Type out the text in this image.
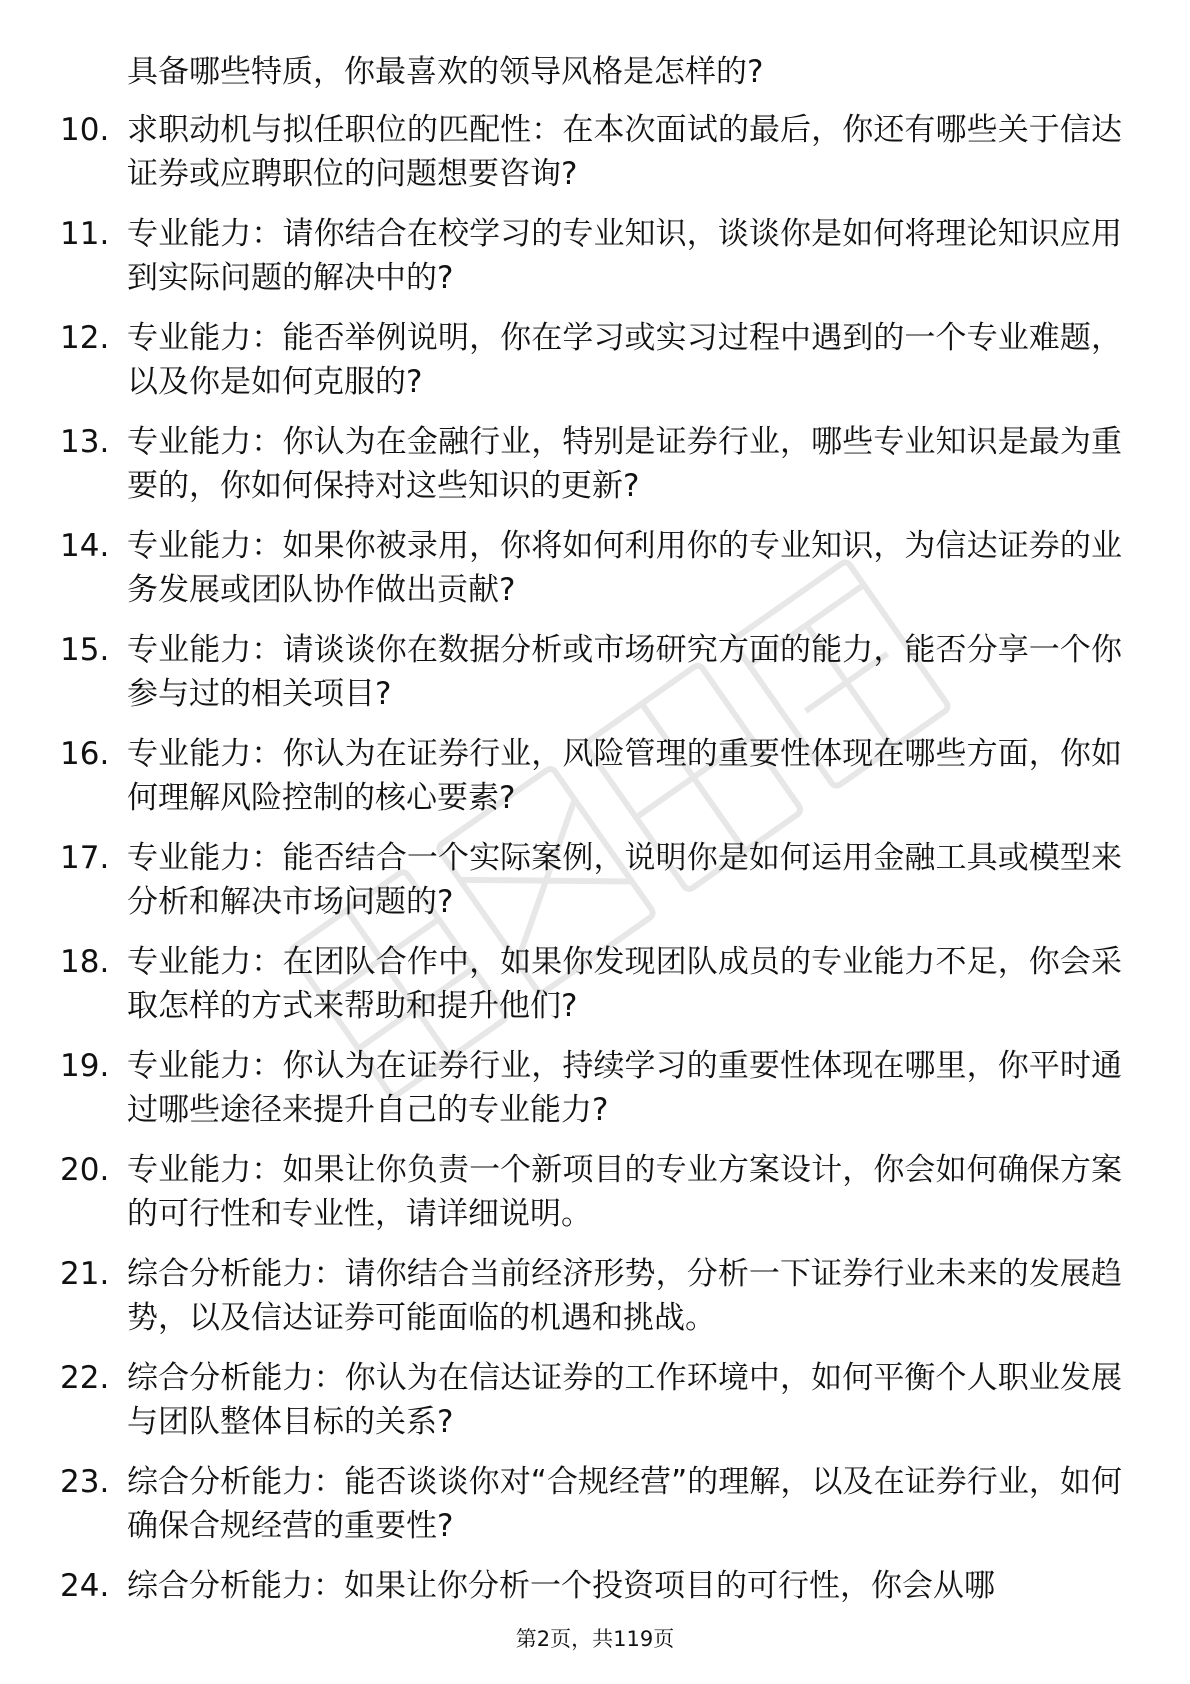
具备哪些特质，你最喜欢的领导风格是怎样的?
10. 求职动机与拟任职位的匹配性：在本次面试的最后，你还有哪些关于信达证券或应聘职位的问题想要咨询?
11. 专业能力：请你结合在校学习的专业知识，谈谈你是如何将理论知识应用到实际问题的解决中的?
12. 专业能力：能否举例说明，你在学习或实习过程中遇到的一个专业难题，以及你是如何克服的?
13. 专业能力：你认为在金融行业，特别是证券行业，哪些专业知识是最为重要的，你如何保持对这些知识的更新?
14. 专业能力：如果你被录用，你将如何利用你的专业知识，为信达证券的业务发展或团队协作做出贡献?
15. 专业能力：请谈谈你在数据分析或市场研究方面的能力，能否分享一个你参与过的相关项目?
16. 专业能力：你认为在证券行业，风险管理的重要性体现在哪些方面，你如何理解风险控制的核心要素?
17. 专业能力：能否结合一个实际案例，说明你是如何运用金融工具或模型来分析和解决市场问题的?
18. 专业能力：在团队合作中，如果你发现团队成员的专业能力不足，你会采取怎样的方式来帮助和提升他们?
19. 专业能力：你认为在证券行业，持续学习的重要性体现在哪里，你平时通过哪些途径来提升自己的专业能力?
20. 专业能力：如果让你负责一个新项目的专业方案设计，你会如何确保方案的可行性和专业性，请详细说明。
21. 综合分析能力：请你结合当前经济形势，分析一下证券行业未来的发展趋势，以及信达证券可能面临的机遇和挑战。
22. 综合分析能力：你认为在信达证券的工作环境中，如何平衡个人职业发展与团队整体目标的关系?
23. 综合分析能力：能否谈谈你对“合规经营”的理解，以及在证券行业，如何确保合规经营的重要性?
24. 综合分析能力：如果让你分析一个投资项目的可行性，你会从哪
第2页，共119页
